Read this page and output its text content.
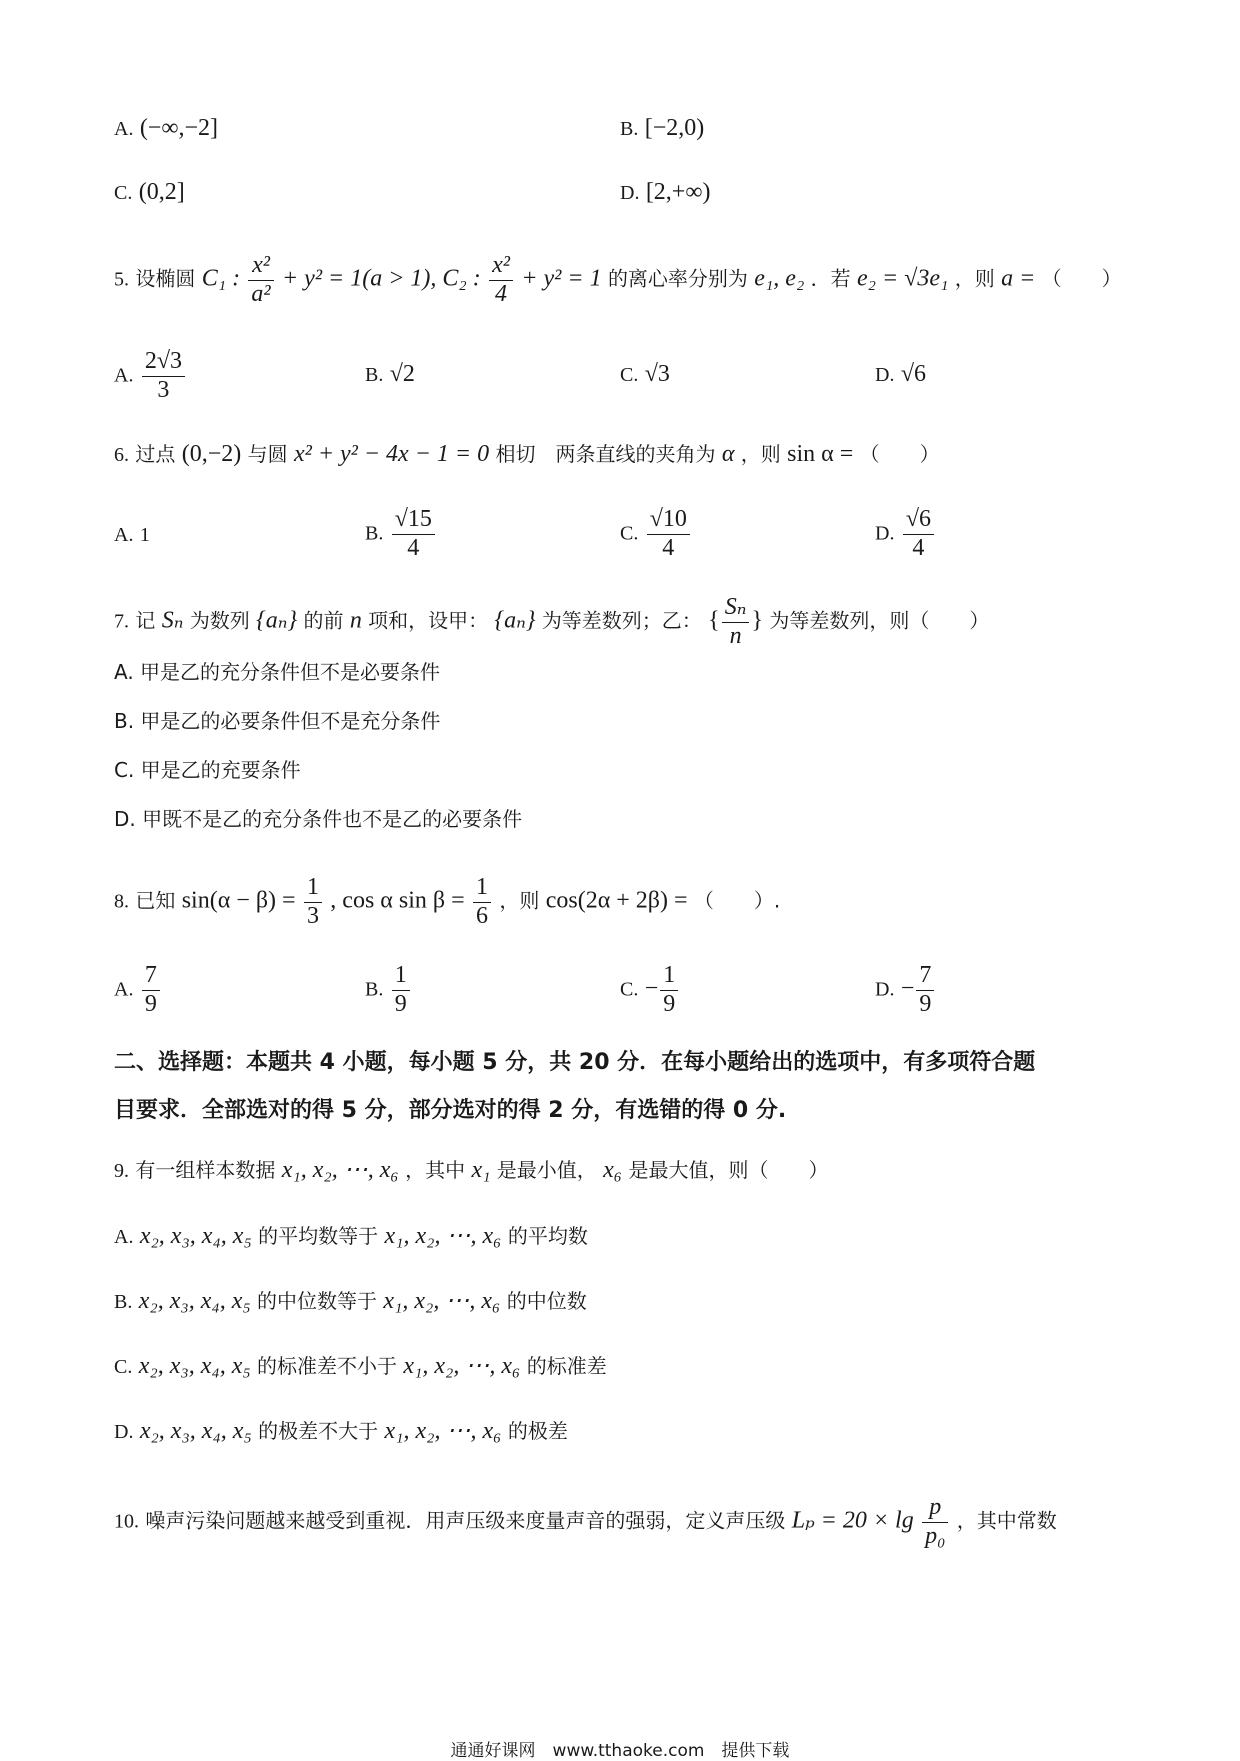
A. (−∞,−2]	B. [−2,0)
C. (0,2]	D. [2,+∞)
5. 设椭圆 C₁ : $\frac{\text{x²}}{\text{a²}} + y^2 = 1(a > 1)$, C₂ : $\frac{\text{x²}}{4} + y^2 = 1$ 的离心率分别为 e₁, e₂ ．若 e₂ = √3e₁ ，则 a = （　　）
A. $\frac{2√3}{3}$	B. √2	C. √3	D. √6
6. 过点 (0,−2) 与圆 x² + y² − 4x − 1 = 0 相切　两条直线的夹角为 α ，则 sin α = （　　）
A. 1	B. $\frac{√15}{4}$	C. $\frac{√10}{4}$	D. $\frac{√6}{4}$
7. 记 Sₙ 为数列 {aₙ} 的前 n 项和，设甲： {aₙ} 为等差数列；乙： { $\frac{\text{Sₙ}}{n}$ } 为等差数列，则（　　）
A. 甲是乙的充分条件但不是必要条件
B. 甲是乙的必要条件但不是充分条件
C. 甲是乙的充要条件
D. 甲既不是乙的充分条件也不是乙的必要条件
8. 已知 $\sin(\alpha - \beta) = \frac{1}{3}$ , cos α $\sin \beta = \frac{1}{6}$ ，则 cos(2α + 2β) = （　　）.
A. $\frac{7}{9}$	B. $\frac{1}{9}$	C. − $\frac{1}{9}$	D. − $\frac{7}{9}$
二、选择题：本题共 4 小题，每小题 5 分，共 20 分．在每小题给出的选项中，有多项符合题
目要求．全部选对的得 5 分，部分选对的得 2 分，有选错的得 0 分.
9. 有一组样本数据 x₁, x₂, ⋯, x₆ ，其中 x₁ 是最小值， x₆ 是最大值，则（　　）
A. x₂, x₃, x₄, x₅ 的平均数等于 x₁, x₂, ⋯, x₆ 的平均数
B. x₂, x₃, x₄, x₅ 的中位数等于 x₁, x₂, ⋯, x₆ 的中位数
C. x₂, x₃, x₄, x₅ 的标准差不小于 x₁, x₂, ⋯, x₆ 的标准差
D. x₂, x₃, x₄, x₅ 的极差不大于 x₁, x₂, ⋯, x₆ 的极差
10. 噪声污染问题越来越受到重视．用声压级来度量声音的强弱，定义声压级 $L_p = 20 \times \lg \frac{p}{\text{p₀}}$ ，其中常数
通通好课网　www.tthaoke.com　提供下载
